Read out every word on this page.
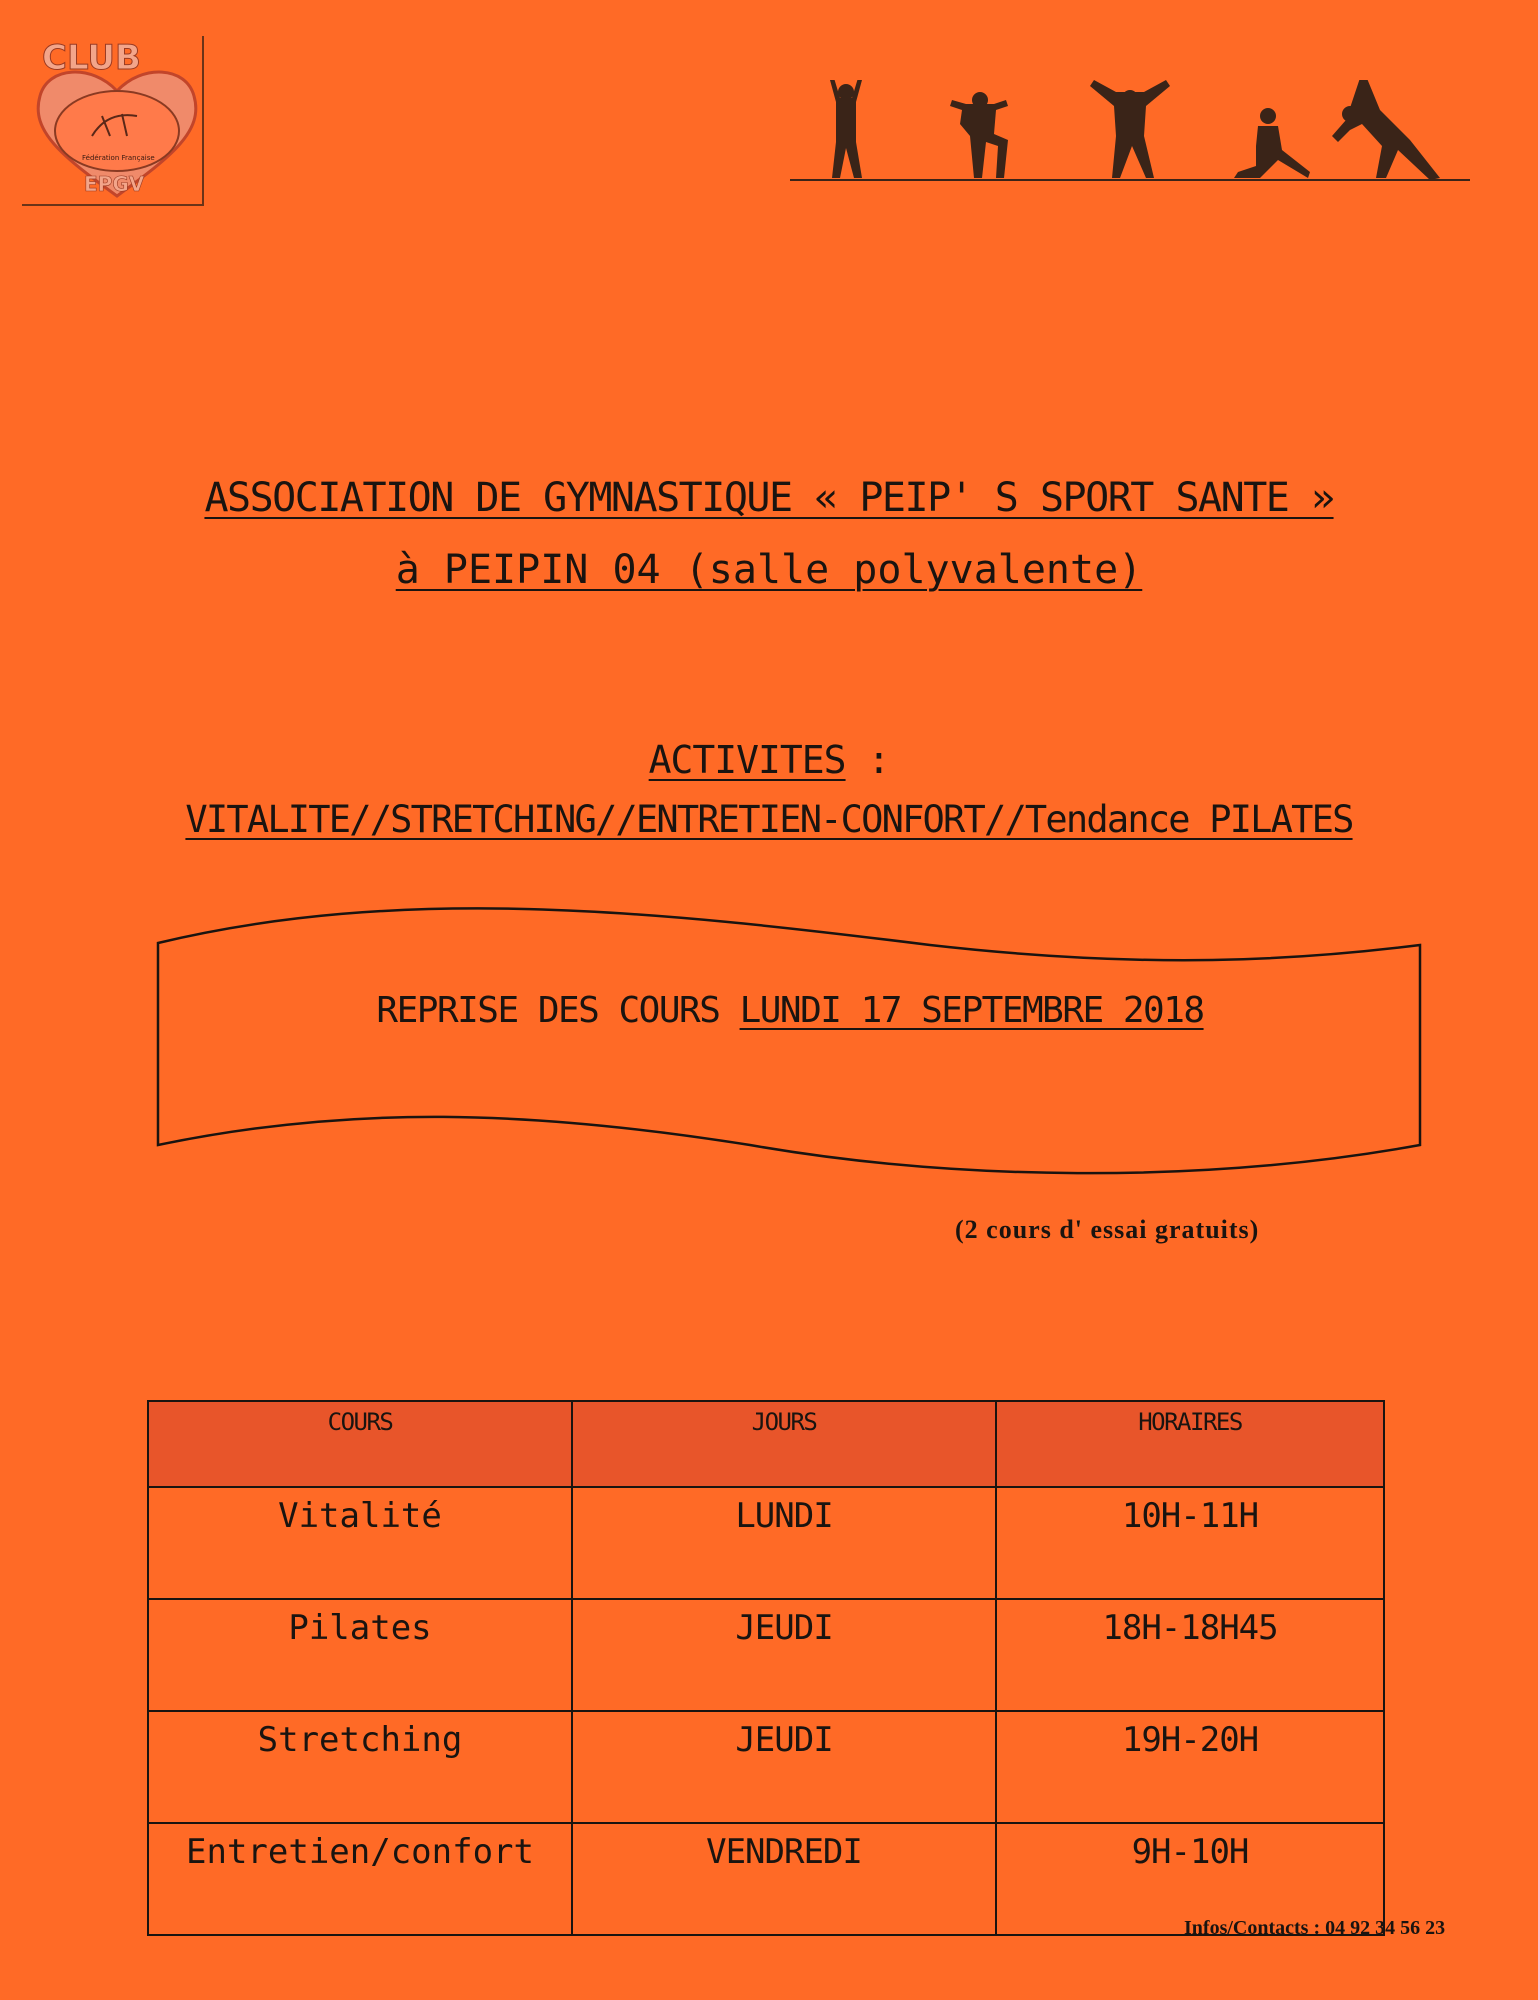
CLUB
EPGV
Fédération Française
ASSOCIATION DE GYMNASTIQUE « PEIP' S SPORT SANTE »
à PEIPIN 04 (salle polyvalente)
ACTIVITES :
VITALITE//STRETCHING//ENTRETIEN-CONFORT//Tendance PILATES
REPRISE DES COURS LUNDI 17 SEPTEMBRE 2018
(2 cours d' essai gratuits)
COURS	JOURS	HORAIRES
Vitalité	LUNDI	10H-11H
Pilates	JEUDI	18H-18H45
Stretching	JEUDI	19H-20H
Entretien/confort	VENDREDI	9H-10H
Infos/Contacts : 04 92 34 56 23
